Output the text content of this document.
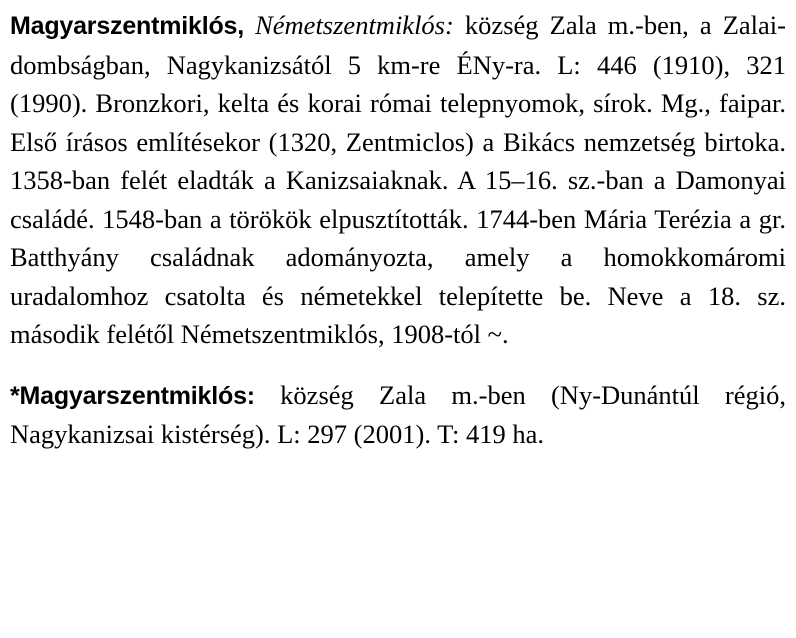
Magyarszentmiklós, Németszentmiklós: község Zala m.-ben, a Zalai-dombságban, Nagykanizsától 5 km-re ÉNy-ra. L: 446 (1910), 321 (1990). Bronzkori, kelta és korai római telepnyomok, sírok. Mg., faipar. Első írásos említésekor (1320, Zentmiclos) a Bikács nemzetség birtoka. 1358-ban felét eladták a Kanizsaiaknak. A 15–16. sz.-ban a Damonyai családé. 1548-ban a törökök elpusztították. 1744-ben Mária Terézia a gr. Batthyány családnak adományozta, amely a homokkomáromi uradalomhoz csatolta és németekkel telepítette be. Neve a 18. sz. második felétől Németszentmiklós, 1908-tól ~.

*Magyarszentmiklós: község Zala m.-ben (Ny-Dunántúl régió, Nagykanizsai kistérség). L: 297 (2001). T: 419 ha.
